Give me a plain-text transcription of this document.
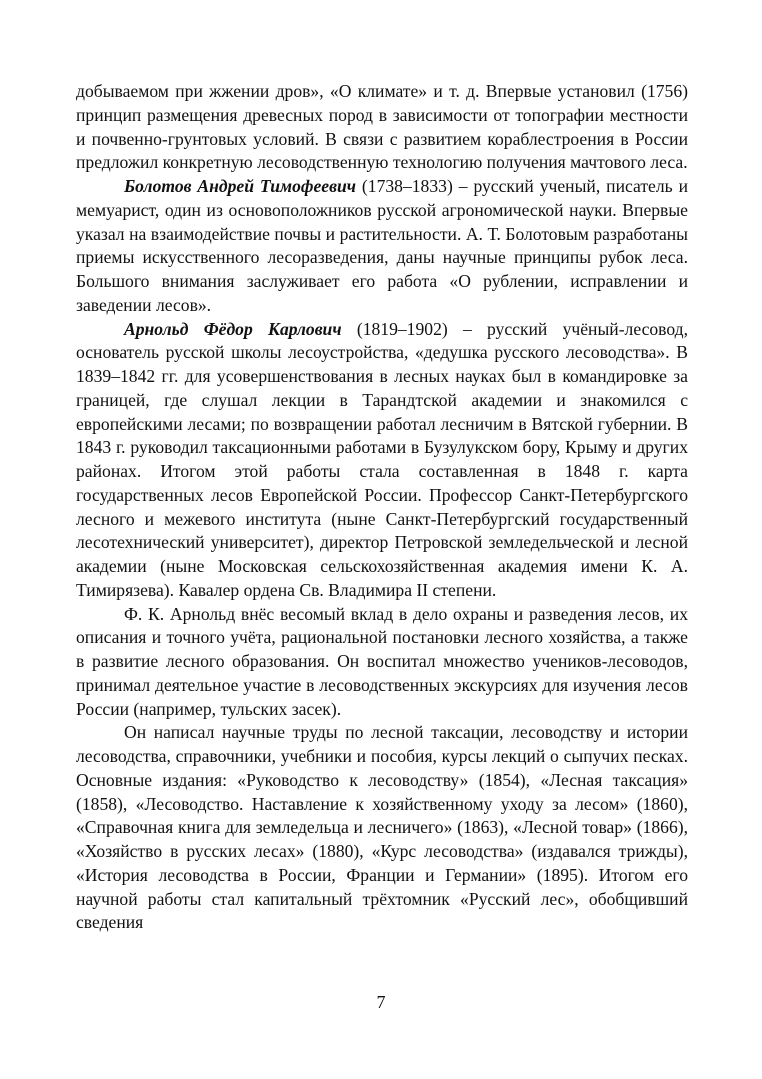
добываемом при жжении дров», «О климате» и т. д. Впервые установил (1756) принцип размещения древесных пород в зависимости от топографии местности и почвенно-грунтовых условий. В связи с развитием кораблестроения в России предложил конкретную лесоводственную технологию получения мачтового леса.

Болотов Андрей Тимофеевич (1738–1833) – русский ученый, писатель и мемуарист, один из основоположников русской агрономической науки. Впервые указал на взаимодействие почвы и растительности. А. Т. Болотовым разработаны приемы искусственного лесоразведения, даны научные принципы рубок леса. Большого внимания заслуживает его работа «О рублении, исправлении и заведении лесов».

Арнольд Фёдор Карлович (1819–1902) – русский учёный-лесовод, основатель русской школы лесоустройства, «дедушка русского лесоводства». В 1839–1842 гг. для усовершенствования в лесных науках был в командировке за границей, где слушал лекции в Тарандтской академии и знакомился с европейскими лесами; по возвращении работал лесничим в Вятской губернии. В 1843 г. руководил таксационными работами в Бузулукском бору, Крыму и других районах. Итогом этой работы стала составленная в 1848 г. карта государственных лесов Европейской России. Профессор Санкт-Петербургского лесного и межевого института (ныне Санкт-Петербургский государственный лесотехнический университет), директор Петровской земледельческой и лесной академии (ныне Московская сельскохозяйственная академия имени К. А. Тимирязева). Кавалер ордена Св. Владимира II степени.

Ф. К. Арнольд внёс весомый вклад в дело охраны и разведения лесов, их описания и точного учёта, рациональной постановки лесного хозяйства, а также в развитие лесного образования. Он воспитал множество учеников-лесоводов, принимал деятельное участие в лесоводственных экскурсиях для изучения лесов России (например, тульских засек).

Он написал научные труды по лесной таксации, лесоводству и истории лесоводства, справочники, учебники и пособия, курсы лекций о сыпучих песках. Основные издания: «Руководство к лесоводству» (1854), «Лесная таксация» (1858), «Лесоводство. Наставление к хозяйственному уходу за лесом» (1860), «Справочная книга для земледельца и лесничего» (1863), «Лесной товар» (1866), «Хозяйство в русских лесах» (1880), «Курс лесоводства» (издавался трижды), «История лесоводства в России, Франции и Германии» (1895). Итогом его научной работы стал капитальный трёхтомник «Русский лес», обобщивший сведения

7
